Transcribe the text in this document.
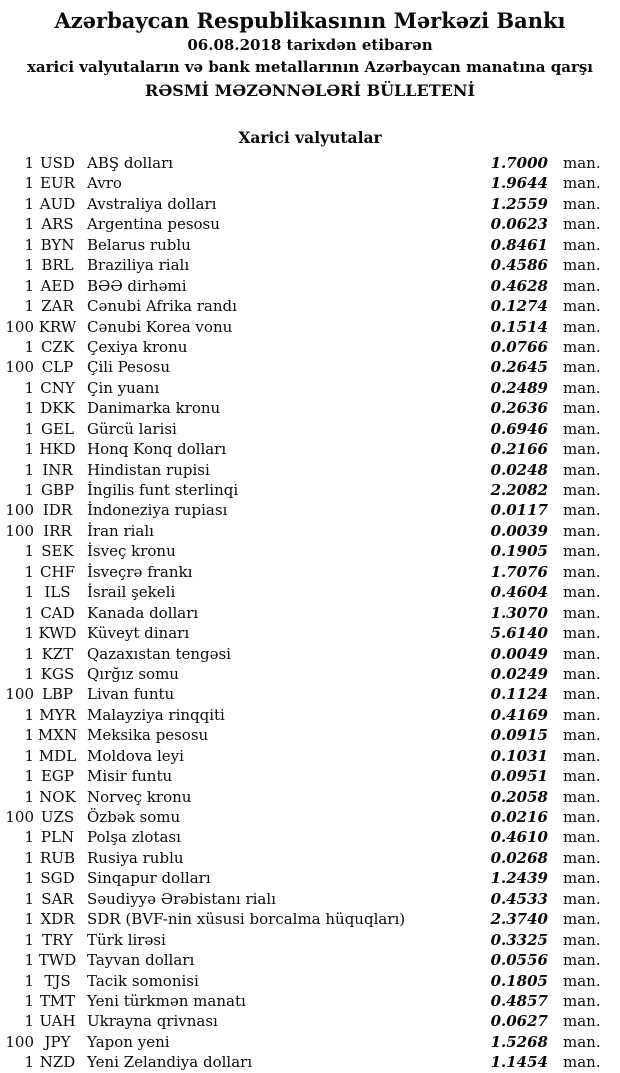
Azərbaycan Respublikasının Mərkəzi Bankı
06.08.2018 tarixdən etibarən
xarici valyutaların və bank metallarının Azərbaycan manatına qarşı
RƏSMİ MƏZƏNNƏLƏRİ BÜLLETENİ
Xarici valyutalar
1 USD ABŞ dolları	1.7000 man.
1 EUR Avro	1.9644 man.
1 AUD Avstraliya dolları	1.2559 man.
1 ARS Argentina pesosu	0.0623 man.
1 BYN Belarus rublu	0.8461 man.
1 BRL Braziliya rialı	0.4586 man.
1 AED BƏƏ dirhəmi	0.4628 man.
1 ZAR Cənubi Afrika randı	0.1274 man.
100 KRW Cənubi Korea vonu	0.1514 man.
1 CZK Çexiya kronu	0.0766 man.
100 CLP Çili Pesosu	0.2645 man.
1 CNY Çin yuanı	0.2489 man.
1 DKK Danimarka kronu	0.2636 man.
1 GEL Gürcü larisi	0.6946 man.
1 HKD Honq Konq dolları	0.2166 man.
1 INR Hindistan rupisi	0.0248 man.
1 GBP İngilis funt sterlinqi	2.2082 man.
100 IDR İndoneziya rupiası	0.0117 man.
100 IRR	İran rialı	0.0039 man.
1 SEK İsveç kronu	0.1905 man.
1 CHF İsveçrə frankı	1.7076 man.
1 ILS	İsrail şekeli	0.4604 man.
1 CAD Kanada dolları	1.3070 man.
1 KWD Küveyt dinarı	5.6140 man.
1 KZT Qazaxıstan tengəsi	0.0049 man.
1 KGS Qırğız somu	0.0249 man.
100 LBP Livan funtu	0.1124 man.
1 MYR Malayziya rinqqiti	0.4169 man.
1 MXN Meksika pesosu	0.0915 man.
1 MDL Moldova leyi	0.1031 man.
1 EGP Misir funtu	0.0951 man.
1 NOK Norveç kronu	0.2058 man.
100 UZS Özbək somu	0.0216 man.
1 PLN Polşa zlotası	0.4610 man.
1 RUB Rusiya rublu	0.0268 man.
1 SGD Sinqapur dolları	1.2439 man.
1 SAR Səudiyyə Ərəbistanı rialı	0.4533 man.
1 XDR SDR (BVF-nin xüsusi borcalma hüquqları)	2.3740 man.
1 TRY Türk lirəsi	0.3325 man.
1 TWD Tayvan dolları	0.0556 man.
1 TJS	Tacik somonisi	0.1805 man.
1 TMT Yeni türkmən manatı	0.4857 man.
1 UAH Ukrayna qrivnası	0.0627 man.
100 JPY	Yapon yeni	1.5268 man.
1 NZD Yeni Zelandiya dolları	1.1454 man.
